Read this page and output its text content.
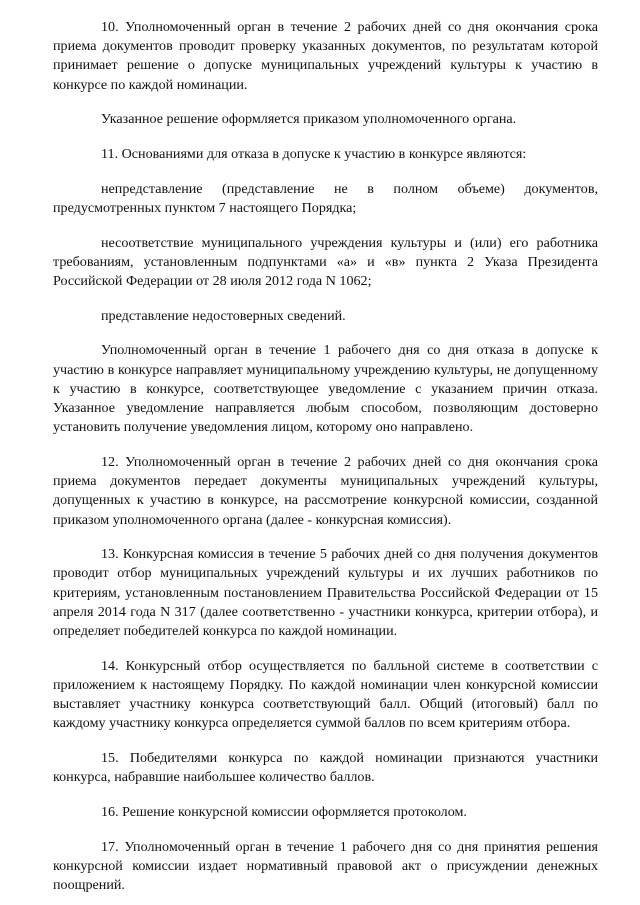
10. Уполномоченный орган в течение 2 рабочих дней со дня окончания срока приема документов проводит проверку указанных документов, по результатам которой принимает решение о допуске муниципальных учреждений культуры к участию в конкурсе по каждой номинации.

Указанное решение оформляется приказом уполномоченного органа.

11. Основаниями для отказа в допуске к участию в конкурсе являются:

непредставление (представление не в полном объеме) документов, предусмотренных пунктом 7 настоящего Порядка;

несоответствие муниципального учреждения культуры и (или) его работника требованиям, установленным подпунктами «а» и «в» пункта 2 Указа Президента Российской Федерации от 28 июля 2012 года N 1062;

представление недостоверных сведений.

Уполномоченный орган в течение 1 рабочего дня со дня отказа в допуске к участию в конкурсе направляет муниципальному учреждению культуры, не допущенному к участию в конкурсе, соответствующее уведомление с указанием причин отказа. Указанное уведомление направляется любым способом, позволяющим достоверно установить получение уведомления лицом, которому оно направлено.

12. Уполномоченный орган в течение 2 рабочих дней со дня окончания срока приема документов передает документы муниципальных учреждений культуры, допущенных к участию в конкурсе, на рассмотрение конкурсной комиссии, созданной приказом уполномоченного органа (далее - конкурсная комиссия).

13. Конкурсная комиссия в течение 5 рабочих дней со дня получения документов проводит отбор муниципальных учреждений культуры и их лучших работников по критериям, установленным постановлением Правительства Российской Федерации от 15 апреля 2014 года N 317 (далее соответственно - участники конкурса, критерии отбора), и определяет победителей конкурса по каждой номинации.

14. Конкурсный отбор осуществляется по балльной системе в соответствии с приложением к настоящему Порядку. По каждой номинации член конкурсной комиссии выставляет участнику конкурса соответствующий балл. Общий (итоговый) балл по каждому участнику конкурса определяется суммой баллов по всем критериям отбора.

15. Победителями конкурса по каждой номинации признаются участники конкурса, набравшие наибольшее количество баллов.

16. Решение конкурсной комиссии оформляется протоколом.

17. Уполномоченный орган в течение 1 рабочего дня со дня принятия решения конкурсной комиссии издает нормативный правовой акт о присуждении денежных поощрений.
